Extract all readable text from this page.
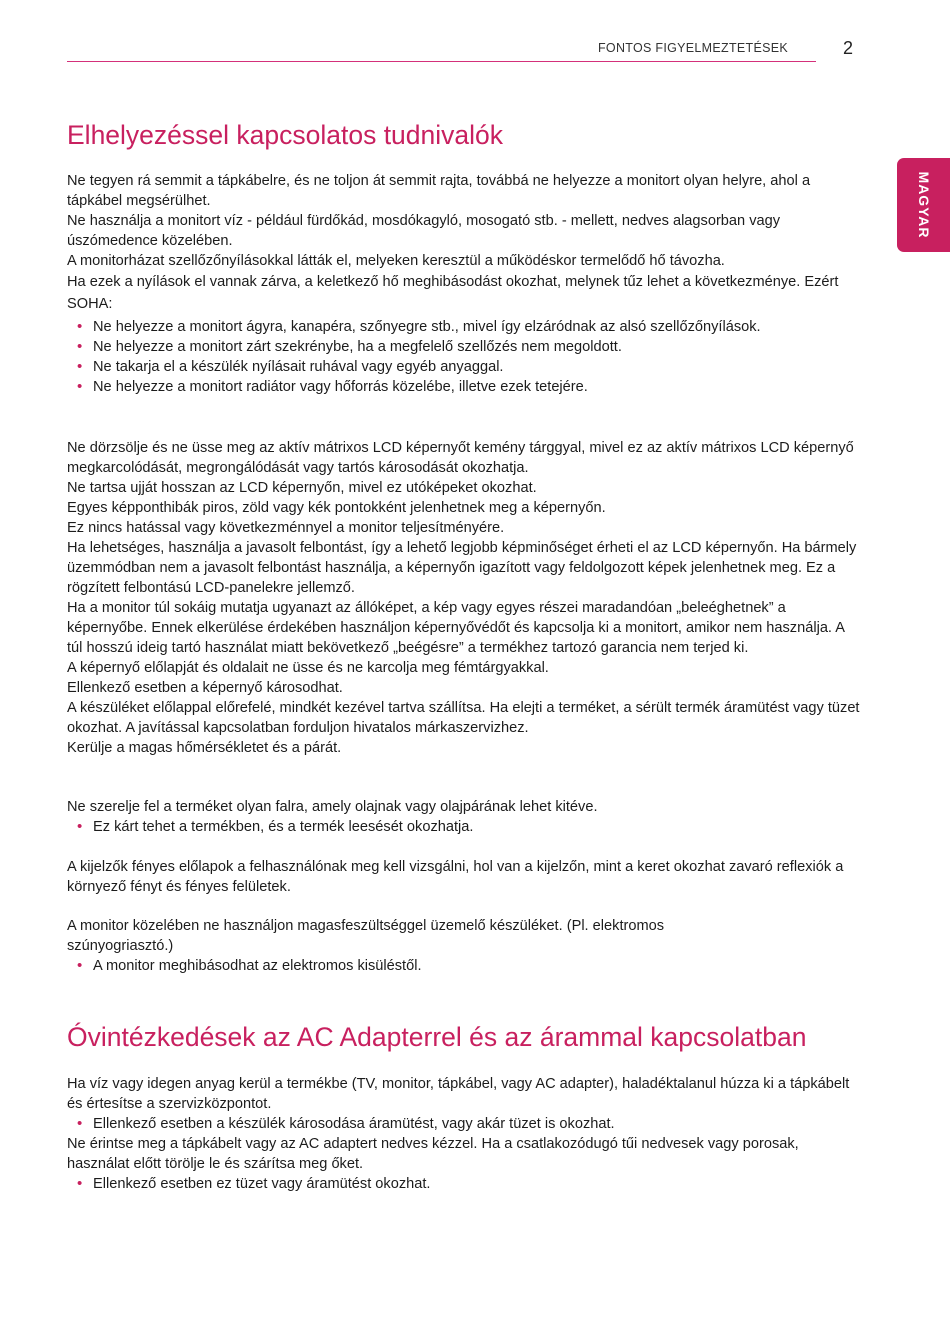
FONTOS FIGYELMEZTETÉSEK	2
MAGYAR
Elhelyezéssel kapcsolatos tudnivalók

Ne tegyen rá semmit a tápkábelre, és ne toljon át semmit rajta, továbbá ne helyezze a monitort olyan helyre, ahol a tápkábel megsérülhet.

Ne használja a monitort víz - például fürdőkád, mosdókagyló, mosogató stb. - mellett, nedves alagsorban vagy úszómedence közelében.

A monitorházat szellőzőnyílásokkal látták el, melyeken keresztül a működéskor termelődő hő távozha.

Ha ezek a nyílások el vannak zárva, a keletkező hő meghibásodást okozhat, melynek tűz lehet a következménye. Ezért SOHA:

• Ne helyezze a monitort ágyra, kanapéra, szőnyegre stb., mivel így elzáródnak az alsó szellőzőnyílások.

• Ne helyezze a monitort zárt szekrénybe, ha a megfelelő szellőzés nem megoldott.

• Ne takarja el a készülék nyílásait ruhával vagy egyéb anyaggal.

• Ne helyezze a monitort radiátor vagy hőforrás közelébe, illetve ezek tetejére.

Ne dörzsölje és ne üsse meg az aktív mátrixos LCD képernyőt kemény tárggyal, mivel ez az aktív mátrixos LCD képernyő megkarcolódását, megrongálódását vagy tartós károsodását okozhatja.

Ne tartsa ujját hosszan az LCD képernyőn, mivel ez utóképeket okozhat.

Egyes képponthibák piros, zöld vagy kék pontokként jelenhetnek meg a képernyőn.

Ez nincs hatással vagy következménnyel a monitor teljesítményére.

Ha lehetséges, használja a javasolt felbontást, így a lehető legjobb képminőséget érheti el az LCD képernyőn. Ha bármely üzemmódban nem a javasolt felbontást használja, a képernyőn igazított vagy feldolgozott képek jelenhetnek meg. Ez a rögzített felbontású LCD-panelekre jellemző.

Ha a monitor túl sokáig mutatja ugyanazt az állóképet, a kép vagy egyes részei maradandóan „beleéghetnek” a képernyőbe. Ennek elkerülése érdekében használjon képernyővédőt és kapcsolja ki a monitort, amikor nem használja. A túl hosszú ideig tartó használat miatt bekövetkező „beégésre” a termékhez tartozó garancia nem terjed ki.

A képernyő előlapját és oldalait ne üsse és ne karcolja meg fémtárgyakkal.

Ellenkező esetben a képernyő károsodhat.

A készüléket előlappal előrefelé, mindkét kezével tartva szállítsa. Ha elejti a terméket, a sérült termék áramütést vagy tüzet okozhat. A javítással kapcsolatban forduljon hivatalos márkaszervizhez.

Kerülje a magas hőmérsékletet és a párát.

Ne szerelje fel a terméket olyan falra, amely olajnak vagy olajpárának lehet kitéve.

• Ez kárt tehet a termékben, és a termék leesését okozhatja.

A kijelzők fényes előlapok a felhasználónak meg kell vizsgálni, hol van a kijelzőn, mint a keret okozhat zavaró reflexiók a környező fényt és fényes felületek.

A monitor közelében ne használjon magasfeszültséggel üzemelő készüléket. (Pl. elektromos szúnyogriasztó.)

• A monitor meghibásodhat az elektromos kisüléstől.

Óvintézkedések az AC Adapterrel és az árammal kapcsolatban

Ha víz vagy idegen anyag kerül a termékbe (TV, monitor, tápkábel, vagy AC adapter), haladéktalanul húzza ki a tápkábelt és értesítse a szervizközpontot.

• Ellenkező esetben a készülék károsodása áramütést, vagy akár tüzet is okozhat.

Ne érintse meg a tápkábelt vagy az AC adaptert nedves kézzel. Ha a csatlakozódugó tűi nedvesek vagy porosak, használat előtt törölje le és szárítsa meg őket.

• Ellenkező esetben ez tüzet vagy áramütést okozhat.
